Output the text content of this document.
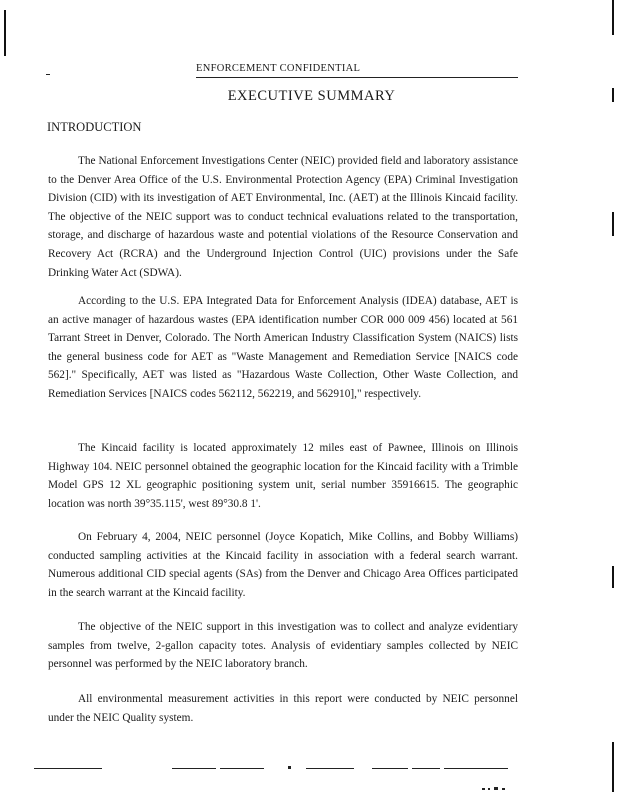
ENFORCEMENT CONFIDENTIAL
EXECUTIVE SUMMARY
INTRODUCTION

The National Enforcement Investigations Center (NEIC) provided field and laboratory assistance to the Denver Area Office of the U.S. Environmental Protection Agency (EPA) Criminal Investigation Division (CID) with its investigation of AET Environmental, Inc. (AET) at the Illinois Kincaid facility. The objective of the NEIC support was to conduct technical evaluations related to the transportation, storage, and discharge of hazardous waste and potential violations of the Resource Conservation and Recovery Act (RCRA) and the Underground Injection Control (UIC) provisions under the Safe Drinking Water Act (SDWA).

According to the U.S. EPA Integrated Data for Enforcement Analysis (IDEA) database, AET is an active manager of hazardous wastes (EPA identification number COR 000 009 456) located at 561 Tarrant Street in Denver, Colorado. The North American Industry Classification System (NAICS) lists the general business code for AET as "Waste Management and Remediation Service [NAICS code 562]." Specifically, AET was listed as "Hazardous Waste Collection, Other Waste Collection, and Remediation Services [NAICS codes 562112, 562219, and 562910]," respectively.

The Kincaid facility is located approximately 12 miles east of Pawnee, Illinois on Illinois Highway 104. NEIC personnel obtained the geographic location for the Kincaid facility with a Trimble Model GPS 12 XL geographic positioning system unit, serial number 35916615. The geographic location was north 39°35.115', west 89°30.8 1'.

On February 4, 2004, NEIC personnel (Joyce Kopatich, Mike Collins, and Bobby Williams) conducted sampling activities at the Kincaid facility in association with a federal search warrant. Numerous additional CID special agents (SAs) from the Denver and Chicago Area Offices participated in the search warrant at the Kincaid facility.

The objective of the NEIC support in this investigation was to collect and analyze evidentiary samples from twelve, 2-gallon capacity totes. Analysis of evidentiary samples collected by NEIC personnel was performed by the NEIC laboratory branch.

All environmental measurement activities in this report were conducted by NEIC personnel under the NEIC Quality system.
